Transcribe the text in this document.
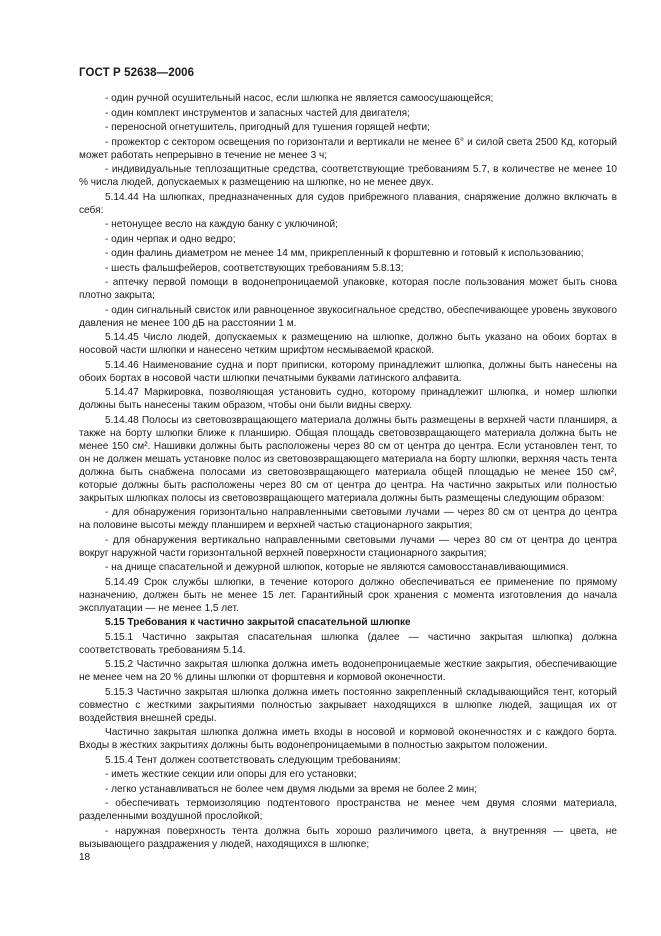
ГОСТ Р 52638—2006

- один ручной осушительный насос, если шлюпка не является самоосушающейся;

- один комплект инструментов и запасных частей для двигателя;

- переносной огнетушитель, пригодный для тушения горящей нефти;

- прожектор с сектором освещения по горизонтали и вертикали не менее 6° и силой света 2500 Кд, который может работать непрерывно в течение не менее 3 ч;

- индивидуальные теплозащитные средства, соответствующие требованиям 5.7, в количестве не менее 10 % числа людей, допускаемых к размещению на шлюпке, но не менее двух.

5.14.44 На шлюпках, предназначенных для судов прибрежного плавания, снаряжение должно включать в себя:

- нетонущее весло на каждую банку с уключиной;

- один черпак и одно ведро;

- один фалинь диаметром не менее 14 мм, прикрепленный к форштевню и готовый к использованию;

- шесть фальшфейеров, соответствующих требованиям 5.8.13;

- аптечку первой помощи в водонепроницаемой упаковке, которая после пользования может быть снова плотно закрыта;

- один сигнальный свисток или равноценное звукосигнальное средство, обеспечивающее уровень звукового давления не менее 100 дБ на расстоянии 1 м.

5.14.45 Число людей, допускаемых к размещению на шлюпке, должно быть указано на обоих бортах в носовой части шлюпки и нанесено четким шрифтом несмываемой краской.

5.14.46 Наименование судна и порт приписки, которому принадлежит шлюпка, должны быть нанесены на обоих бортах в носовой части шлюпки печатными буквами латинского алфавита.

5.14.47 Маркировка, позволяющая установить судно, которому принадлежит шлюпка, и номер шлюпки должны быть нанесены таким образом, чтобы они были видны сверху.

5.14.48 Полосы из световозвращающего материала должны быть размещены в верхней части планширя, а также на борту шлюпки ближе к планширю. Общая площадь световозвращающего материала должна быть не менее 150 см². Нашивки должны быть расположены через 80 см от центра до центра. Если установлен тент, то он не должен мешать установке полос из световозвращающего материала на борту шлюпки, верхняя часть тента должна быть снабжена полосами из световозвращающего материала общей площадью не менее 150 см², которые должны быть расположены через 80 см от центра до центра. На частично закрытых или полностью закрытых шлюпках полосы из световозвращающего материала должны быть размещены следующим образом:

- для обнаружения горизонтально направленными световыми лучами — через 80 см от центра до центра на половине высоты между планширем и верхней частью стационарного закрытия;

- для обнаружения вертикально направленными световыми лучами — через 80 см от центра до центра вокруг наружной части горизонтальной верхней поверхности стационарного закрытия;

- на днище спасательной и дежурной шлюпок, которые не являются самовосстанавливающимися.

5.14.49 Срок службы шлюпки, в течение которого должно обеспечиваться ее применение по прямому назначению, должен быть не менее 15 лет. Гарантийный срок хранения с момента изготовления до начала эксплуатации — не менее 1,5 лет.

5.15 Требования к частично закрытой спасательной шлюпке

5.15.1 Частично закрытая спасательная шлюпка (далее — частично закрытая шлюпка) должна соответствовать требованиям 5.14.

5.15.2 Частично закрытая шлюпка должна иметь водонепроницаемые жесткие закрытия, обеспечивающие не менее чем на 20 % длины шлюпки от форштевня и кормовой оконечности.

5.15.3 Частично закрытая шлюпка должна иметь постоянно закрепленный складывающийся тент, который совместно с жесткими закрытиями полностью закрывает находящихся в шлюпке людей, защищая их от воздействия внешней среды.

Частично закрытая шлюпка должна иметь входы в носовой и кормовой оконечностях и с каждого борта. Входы в жестких закрытиях должны быть водонепроницаемыми в полностью закрытом положении.

5.15.4 Тент должен соответствовать следующим требованиям:

- иметь жесткие секции или опоры для его установки;

- легко устанавливаться не более чем двумя людьми за время не более 2 мин;

- обеспечивать термоизоляцию подтентового пространства не менее чем двумя слоями материала, разделенными воздушной прослойкой;

- наружная поверхность тента должна быть хорошо различимого цвета, а внутренняя — цвета, не вызывающего раздражения у людей, находящихся в шлюпке;

18
